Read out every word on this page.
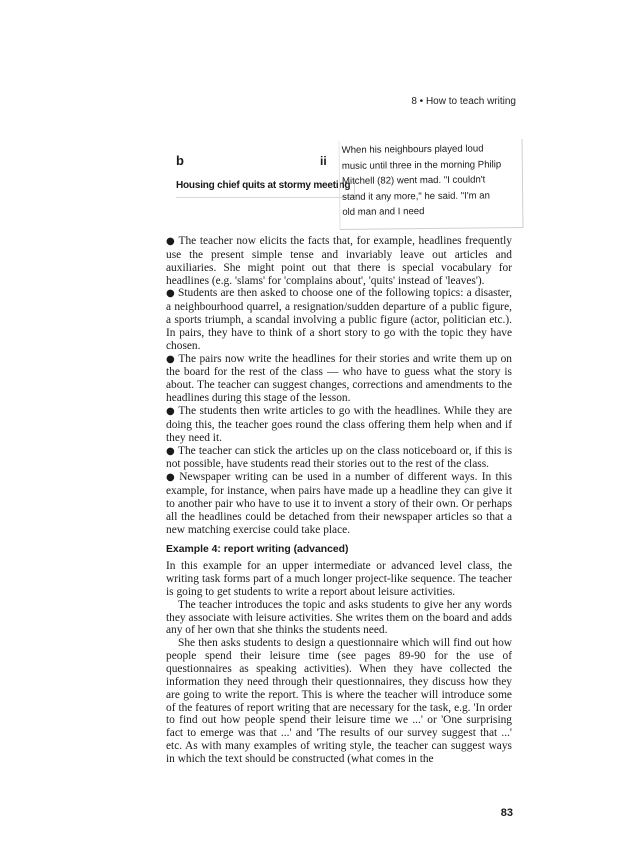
8 • How to teach writing
b
Housing chief quits at stormy meeting
ii
When his neighbours played loud
music until three in the morning Philip
Mitchell (82) went mad. "I couldn't
stand it any more," he said. "I'm an
old man and I need

● The teacher now elicits the facts that, for example, headlines frequently use the present simple tense and invariably leave out articles and auxiliaries. She might point out that there is special vocabulary for headlines (e.g. 'slams' for 'complains about', 'quits' instead of 'leaves').

● Students are then asked to choose one of the following topics: a disaster, a neighbourhood quarrel, a resignation/sudden departure of a public figure, a sports triumph, a scandal involving a public figure (actor, politician etc.). In pairs, they have to think of a short story to go with the topic they have chosen.

● The pairs now write the headlines for their stories and write them up on the board for the rest of the class — who have to guess what the story is about. The teacher can suggest changes, corrections and amendments to the headlines during this stage of the lesson.

● The students then write articles to go with the headlines. While they are doing this, the teacher goes round the class offering them help when and if they need it.

● The teacher can stick the articles up on the class noticeboard or, if this is not possible, have students read their stories out to the rest of the class.

● Newspaper writing can be used in a number of different ways. In this example, for instance, when pairs have made up a headline they can give it to another pair who have to use it to invent a story of their own. Or perhaps all the headlines could be detached from their newspaper articles so that a new matching exercise could take place.

Example 4: report writing (advanced)

In this example for an upper intermediate or advanced level class, the writing task forms part of a much longer project-like sequence. The teacher is going to get students to write a report about leisure activities.

The teacher introduces the topic and asks students to give her any words they associate with leisure activities. She writes them on the board and adds any of her own that she thinks the students need.

She then asks students to design a questionnaire which will find out how people spend their leisure time (see pages 89-90 for the use of questionnaires as speaking activities). When they have collected the information they need through their questionnaires, they discuss how they are going to write the report. This is where the teacher will introduce some of the features of report writing that are necessary for the task, e.g. 'In order to find out how people spend their leisure time we ...' or 'One surprising fact to emerge was that ...' and 'The results of our survey suggest that ...' etc. As with many examples of writing style, the teacher can suggest ways in which the text should be constructed (what comes in the

83
